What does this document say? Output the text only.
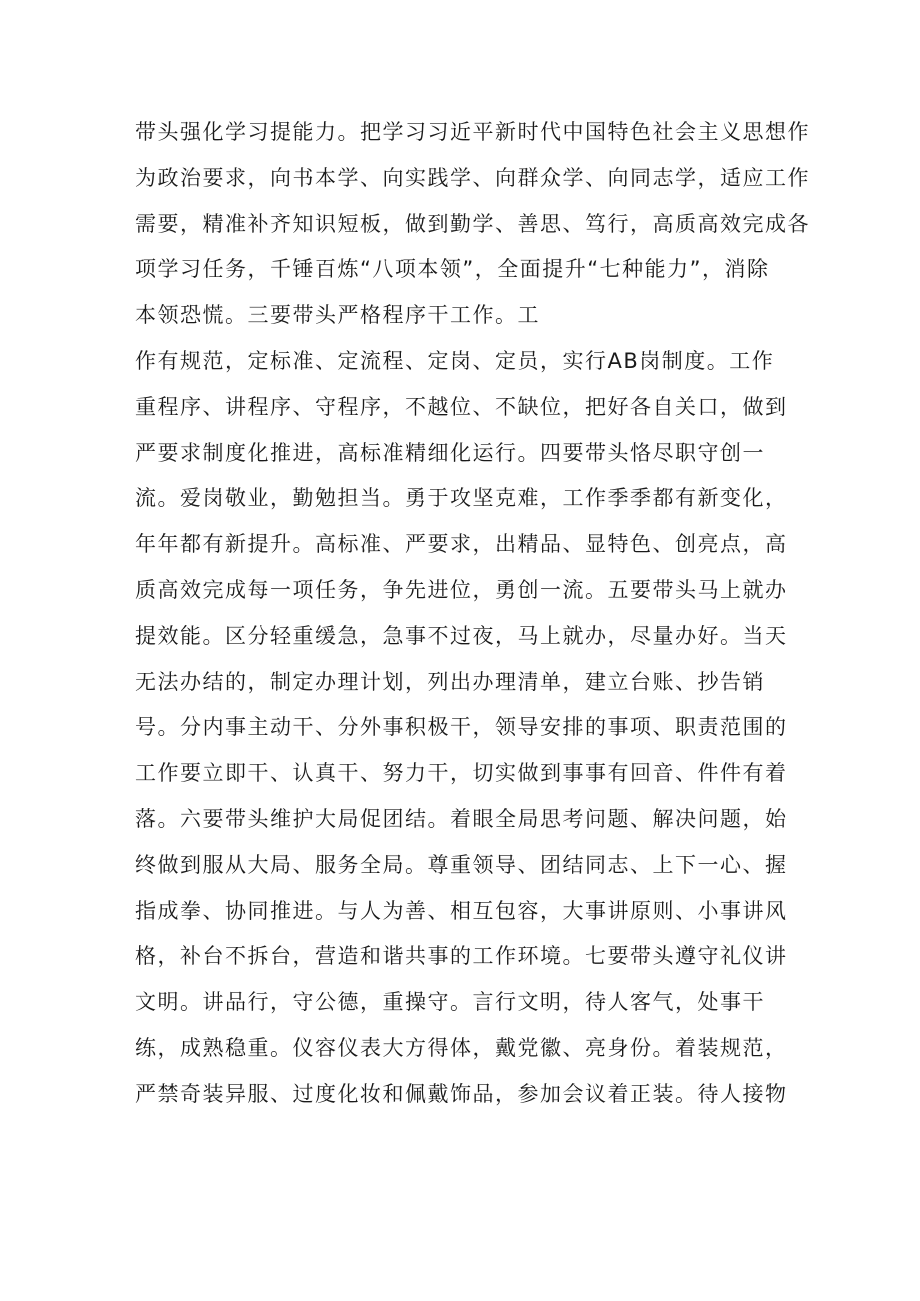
带头强化学习提能力。把学习习近平新时代中国特色社会主义思想作
为政治要求，向书本学、向实践学、向群众学、向同志学，适应工作
需要，精准补齐知识短板，做到勤学、善思、笃行，高质高效完成各
项学习任务，千锤百炼“八项本领”，全面提升“七种能力”，消除
本领恐慌。三要带头严格程序干工作。工
作有规范，定标准、定流程、定岗、定员，实行AB岗制度。工作
重程序、讲程序、守程序，不越位、不缺位，把好各自关口，做到
严要求制度化推进，高标准精细化运行。四要带头恪尽职守创一
流。爱岗敬业，勤勉担当。勇于攻坚克难，工作季季都有新变化，
年年都有新提升。高标准、严要求，出精品、显特色、创亮点，高
质高效完成每一项任务，争先进位，勇创一流。五要带头马上就办
提效能。区分轻重缓急，急事不过夜，马上就办，尽量办好。当天
无法办结的，制定办理计划，列出办理清单，建立台账、抄告销
号。分内事主动干、分外事积极干，领导安排的事项、职责范围的
工作要立即干、认真干、努力干，切实做到事事有回音、件件有着
落。六要带头维护大局促团结。着眼全局思考问题、解决问题，始
终做到服从大局、服务全局。尊重领导、团结同志、上下一心、握
指成拳、协同推进。与人为善、相互包容，大事讲原则、小事讲风
格，补台不拆台，营造和谐共事的工作环境。七要带头遵守礼仪讲
文明。讲品行，守公德，重操守。言行文明，待人客气，处事干
练，成熟稳重。仪容仪表大方得体，戴党徽、亮身份。着装规范，
严禁奇装异服、过度化妆和佩戴饰品，参加会议着正装。待人接物
